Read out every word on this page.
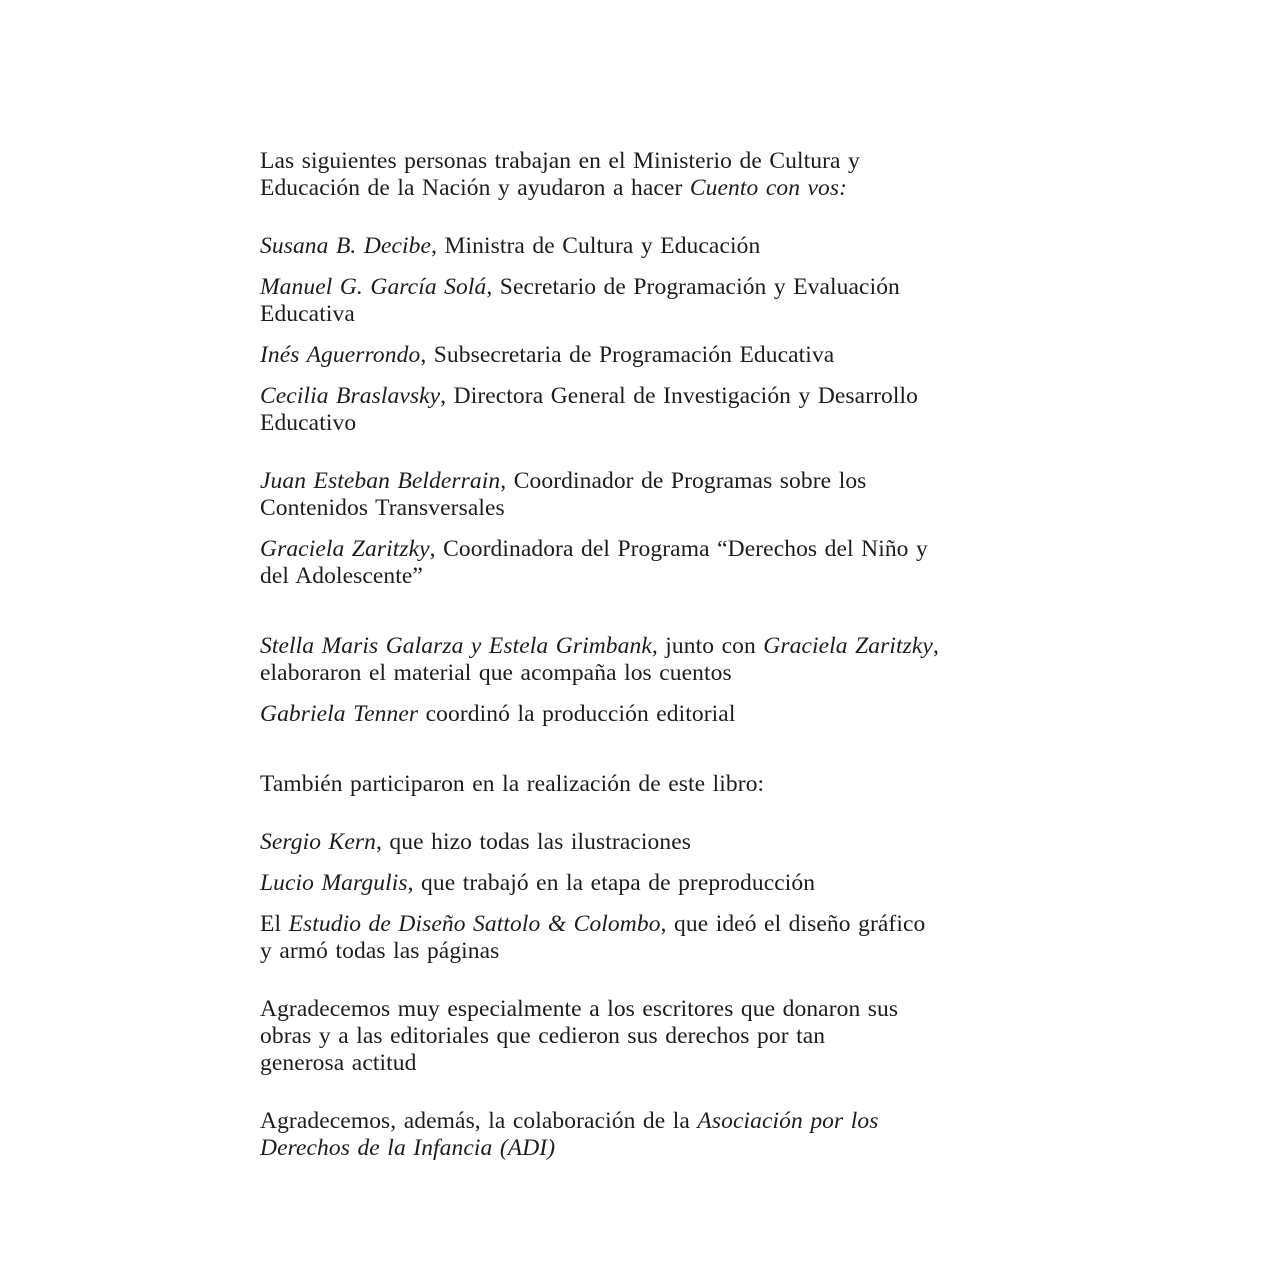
Las siguientes personas trabajan en el Ministerio de Cultura y
Educación de la Nación y ayudaron a hacer Cuento con vos:
Susana B. Decibe, Ministra de Cultura y Educación
Manuel G. García Solá, Secretario de Programación y Evaluación
Educativa
Inés Aguerrondo, Subsecretaria de Programación Educativa
Cecilia Braslavsky, Directora General de Investigación y Desarrollo
Educativo
Juan Esteban Belderrain, Coordinador de Programas sobre los
Contenidos Transversales
Graciela Zaritzky, Coordinadora del Programa “Derechos del Niño y
del Adolescente”
Stella Maris Galarza y Estela Grimbank, junto con Graciela Zaritzky,
elaboraron el material que acompaña los cuentos
Gabriela Tenner coordinó la producción editorial
También participaron en la realización de este libro:
Sergio Kern, que hizo todas las ilustraciones
Lucio Margulis, que trabajó en la etapa de preproducción
El Estudio de Diseño Sattolo & Colombo, que ideó el diseño gráfico
y armó todas las páginas
Agradecemos muy especialmente a los escritores que donaron sus
obras y a las editoriales que cedieron sus derechos por tan
generosa actitud
Agradecemos, además, la colaboración de la Asociación por los
Derechos de la Infancia (ADI)
